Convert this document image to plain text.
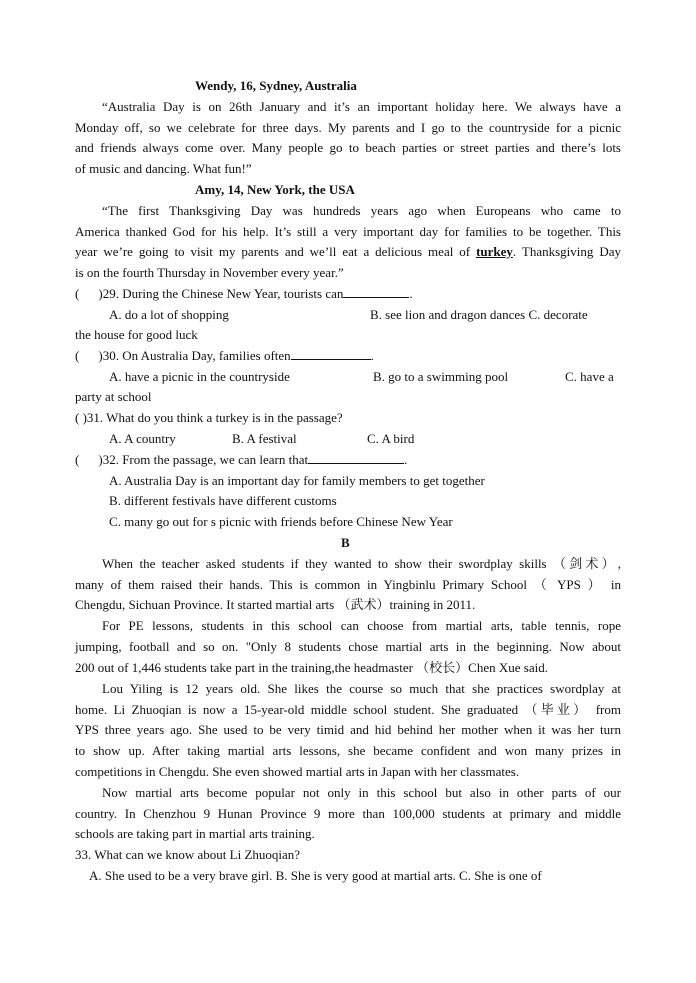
Wendy, 16, Sydney, Australia
“Australia Day is on 26th January and it’s an important holiday here. We always have a
Monday off, so we celebrate for three days. My parents and I go to the countryside for a picnic
and friends always come over. Many people go to beach parties or street parties and there’s lots
of music and dancing. What fun!”
Amy, 14, New York, the USA
“The first Thanksgiving Day was hundreds years ago when Europeans who came to
America thanked God for his help. It’s still a very important day for families to be together. This
year we’re going to visit my parents and we’ll eat a delicious meal of turkey. Thanksgiving Day
is on the fourth Thursday in November every year.”
( )29. During the Chinese New Year, tourists can	.
A. do a lot of shopping	B. see lion and dragon dances C. decorate
the house for good luck
( )30. On Australia Day, families often	.
A. have a picnic in the countryside	B. go to a swimming pool	C. have a
party at school
( )31. What do you think a turkey is in the passage?
A. A country	B. A festival	C. A bird
( )32. From the passage, we can learn that	.
A. Australia Day is an important day for family members to get together
B. different festivals have different customs
C. many go out for s picnic with friends before Chinese New Year
B
When the teacher asked students if they wanted to show their swordplay skills （剑术）,
many of them raised their hands. This is common in Yingbinlu Primary School （ YPS ） in
Chengdu, Sichuan Province. It started martial arts （武术）training in 2011.
For PE lessons, students in this school can choose from martial arts, table tennis, rope
jumping, football and so on. "Only 8 students chose martial arts in the beginning. Now about
200 out of 1,446 students take part in the training,the headmaster （校长）Chen Xue said.
Lou Yiling is 12 years old. She likes the course so much that she practices swordplay at
home. Li Zhuoqian is now a 15-year-old middle school student. She graduated （毕业） from
YPS three years ago. She used to be very timid and hid behind her mother when it was her turn
to show up. After taking martial arts lessons, she became confident and won many prizes in
competitions in Chengdu. She even showed martial arts in Japan with her classmates.
Now martial arts become popular not only in this school but also in other parts of our
country. In Chenzhou 9 Hunan Province 9 more than 100,000 students at primary and middle
schools are taking part in martial arts training.
33. What can we know about Li Zhuoqian?
A. She used to be a very brave girl. B. She is very good at martial arts. C. She is one of
